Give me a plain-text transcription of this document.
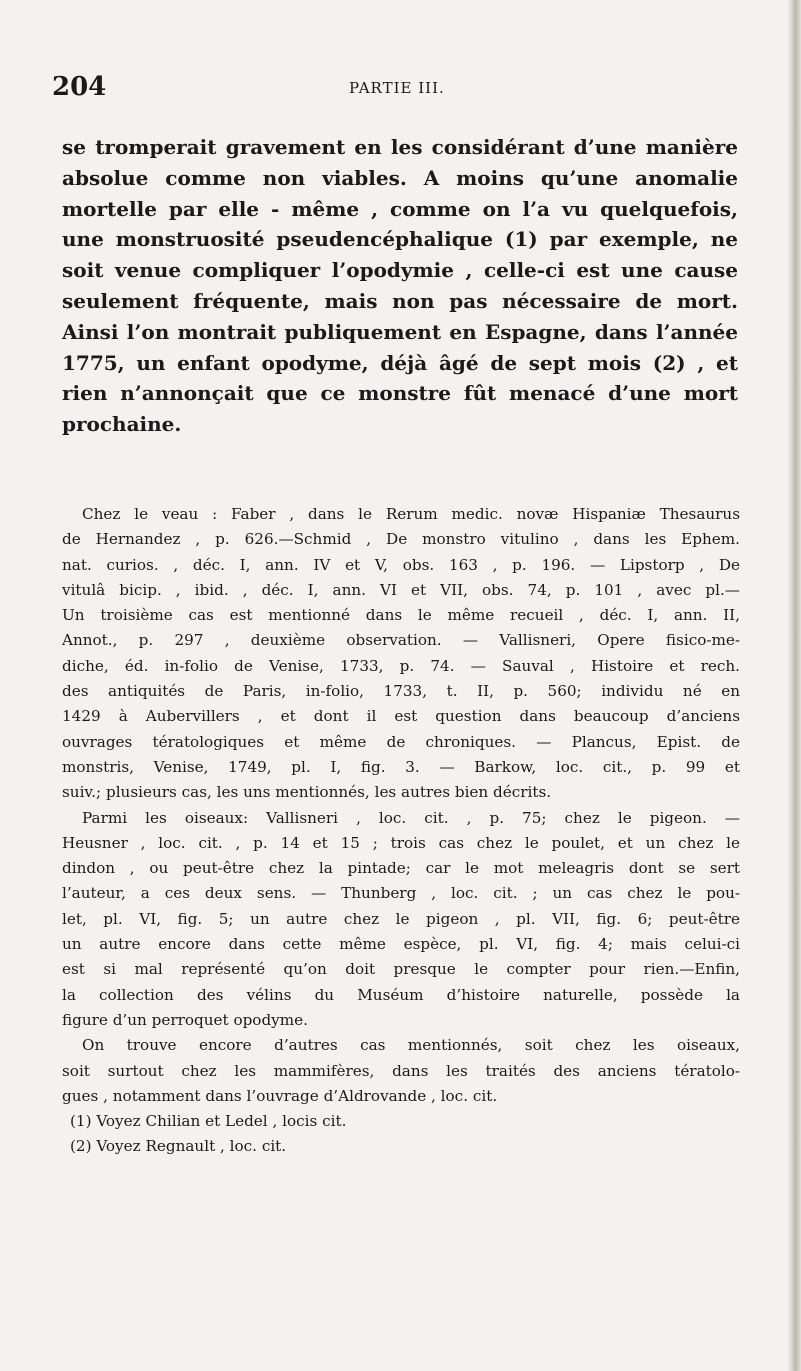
204	PARTIE III.
se tromperait gravement en les considérant d’une manière
absolue comme non viables. A moins qu’une anomalie
mortelle par elle - même , comme on l’a vu quelquefois,
une monstruosité pseudencéphalique (1) par exemple, ne
soit venue compliquer l’opodymie , celle-ci est une cause
seulement fréquente, mais non pas nécessaire de mort.
Ainsi l’on montrait publiquement en Espagne, dans l’année
1775, un enfant opodyme, déjà âgé de sept mois (2) , et
rien n’annonçait que ce monstre fût menacé d’une mort
prochaine.
Chez le veau : Faber , dans le Rerum medic. novæ Hispaniæ Thesaurus
de Hernandez , p. 626.—Schmid , De monstro vitulino , dans les Ephem.
nat. curios. , déc. I, ann. IV et V, obs. 163 , p. 196. — Lipstorp , De
vitulâ bicip. , ibid. , déc. I, ann. VI et VII, obs. 74, p. 101 , avec pl.—
Un troisième cas est mentionné dans le même recueil , déc. I, ann. II,
Annot., p. 297 , deuxième observation. — Vallisneri, Opere fisico-me-
diche, éd. in-folio de Venise, 1733, p. 74. — Sauval , Histoire et rech.
des antiquités de Paris, in-folio, 1733, t. II, p. 560; individu né en
1429 à Aubervillers , et dont il est question dans beaucoup d’anciens
ouvrages tératologiques et même de chroniques. — Plancus, Epist. de
monstris, Venise, 1749, pl. I, fig. 3. — Barkow, loc. cit., p. 99 et
suiv.; plusieurs cas, les uns mentionnés, les autres bien décrits.
Parmi les oiseaux: Vallisneri , loc. cit. , p. 75; chez le pigeon. —
Heusner , loc. cit. , p. 14 et 15 ; trois cas chez le poulet, et un chez le
dindon , ou peut-être chez la pintade; car le mot meleagris dont se sert
l’auteur, a ces deux sens. — Thunberg , loc. cit. ; un cas chez le pou-
let, pl. VI, fig. 5; un autre chez le pigeon , pl. VII, fig. 6; peut-être
un autre encore dans cette même espèce, pl. VI, fig. 4; mais celui-ci
est si mal représenté qu’on doit presque le compter pour rien.—Enfin,
la collection des vélins du Muséum d’histoire naturelle, possède la
figure d’un perroquet opodyme.
On trouve encore d’autres cas mentionnés, soit chez les oiseaux,
soit surtout chez les mammifères, dans les traités des anciens tératolo-
gues , notamment dans l’ouvrage d’Aldrovande , loc. cit.
(1) Voyez Chilian et Ledel , locis cit.
(2) Voyez Regnault , loc. cit.
